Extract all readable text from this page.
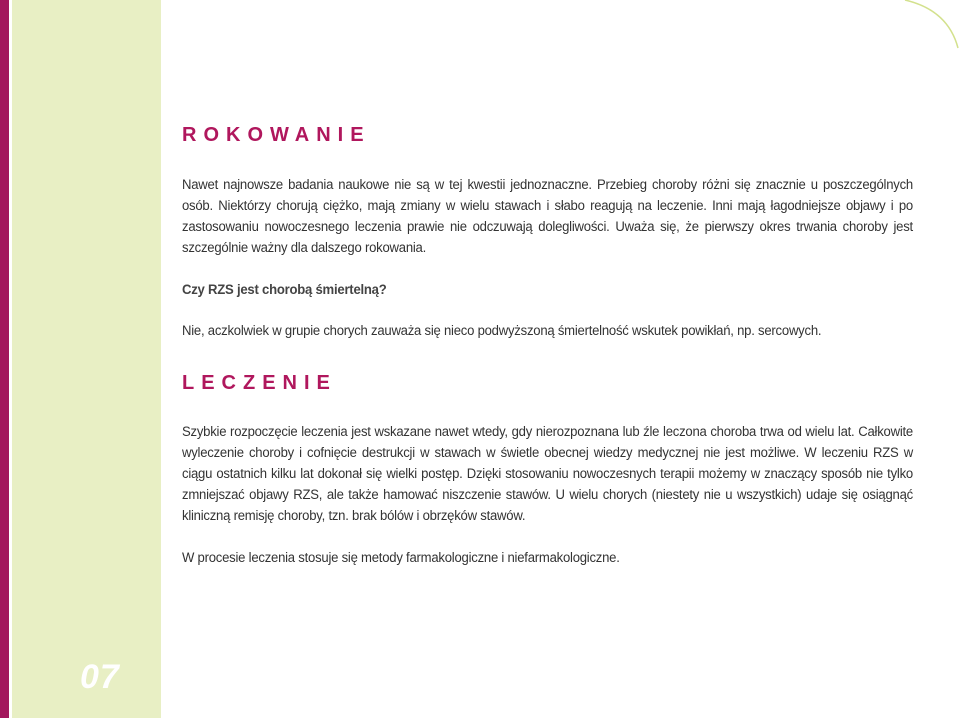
07
ROKOWANIE

Nawet najnowsze badania naukowe nie są w tej kwestii jednoznaczne. Przebieg choroby różni się znacznie u poszczególnych osób. Niektórzy chorują ciężko, mają zmiany w wielu stawach i słabo reagują na leczenie. Inni mają łagodniejsze objawy i po zastosowaniu nowoczesnego leczenia prawie nie odczuwają dolegliwości. Uważa się, że pierwszy okres trwania choroby jest szczególnie ważny dla dalszego rokowania.

Czy RZS jest chorobą śmiertelną?

Nie, aczkolwiek w grupie chorych zauważa się nieco podwyższoną śmiertelność wskutek powikłań, np. sercowych.

LECZENIE

Szybkie rozpoczęcie leczenia jest wskazane nawet wtedy, gdy nierozpoznana lub źle leczona choroba trwa od wielu lat. Całkowite wyleczenie choroby i cofnięcie destrukcji w stawach w świetle obecnej wiedzy medycznej nie jest możliwe. W leczeniu RZS w ciągu ostatnich kilku lat dokonał się wielki postęp. Dzięki stosowaniu nowoczesnych terapii możemy w znaczący sposób nie tylko zmniejszać objawy RZS, ale także hamować niszczenie stawów. U wielu chorych (niestety nie u wszystkich) udaje się osiągnąć kliniczną remisję choroby, tzn. brak bólów i obrzęków stawów.

W procesie leczenia stosuje się metody farmakologiczne i niefarmakologiczne.
